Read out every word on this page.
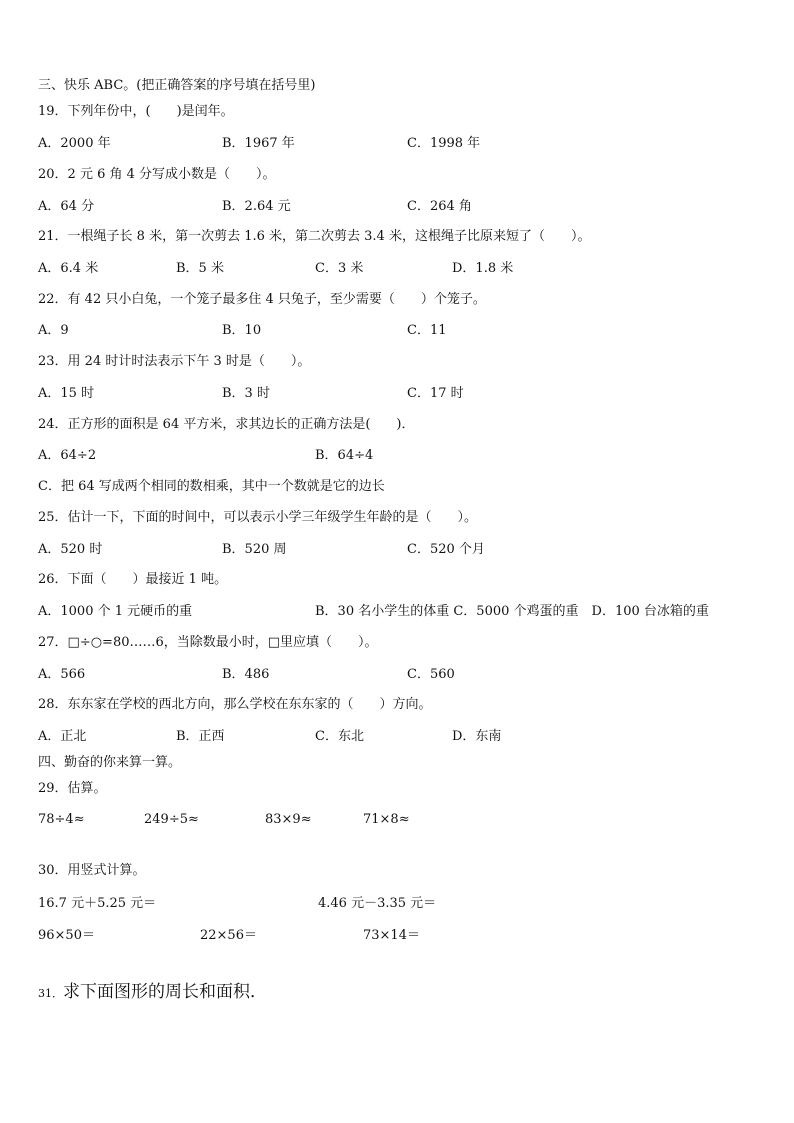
三、快乐 ABC。(把正确答案的序号填在括号里)
19．下列年份中，(　　)是闰年。
A．2000 年	B．1967 年	C．1998 年
20．2 元 6 角 4 分写成小数是（　　）。
A．64 分	B．2.64 元	C．264 角
21．一根绳子长 8 米，第一次剪去 1.6 米，第二次剪去 3.4 米，这根绳子比原来短了（　　）。
A．6.4 米	B．5 米	C．3 米	D．1.8 米
22．有 42 只小白兔，一个笼子最多住 4 只兔子，至少需要（　　）个笼子。
A．9	B．10	C．11
23．用 24 时计时法表示下午 3 时是（　　）。
A．15 时	B．3 时	C．17 时
24．正方形的面积是 64 平方米，求其边长的正确方法是(　　)．
A．64÷2	B．64÷4
C．把 64 写成两个相同的数相乘，其中一个数就是它的边长
25．估计一下，下面的时间中，可以表示小学三年级学生年龄的是（　　）。
A．520 时	B．520 周	C．520 个月
26．下面（　　）最接近 1 吨。
A．1000 个 1 元硬币的重	B．30 名小学生的体重 C．5000 个鸡蛋的重　D．100 台冰箱的重
27．□÷○=80……6，当除数最小时，□里应填（　　）。
A．566	B．486	C．560
28．东东家在学校的西北方向，那么学校在东东家的（　　）方向。
A．正北	B．正西	C．东北	D．东南
四、勤奋的你来算一算。
29．估算。
78÷4≈	249÷5≈	83×9≈	71×8≈
30．用竖式计算。
16.7 元＋5.25 元＝	4.46 元－3.35 元＝
96×50＝	22×56＝	73×14＝
31．求下面图形的周长和面积．
